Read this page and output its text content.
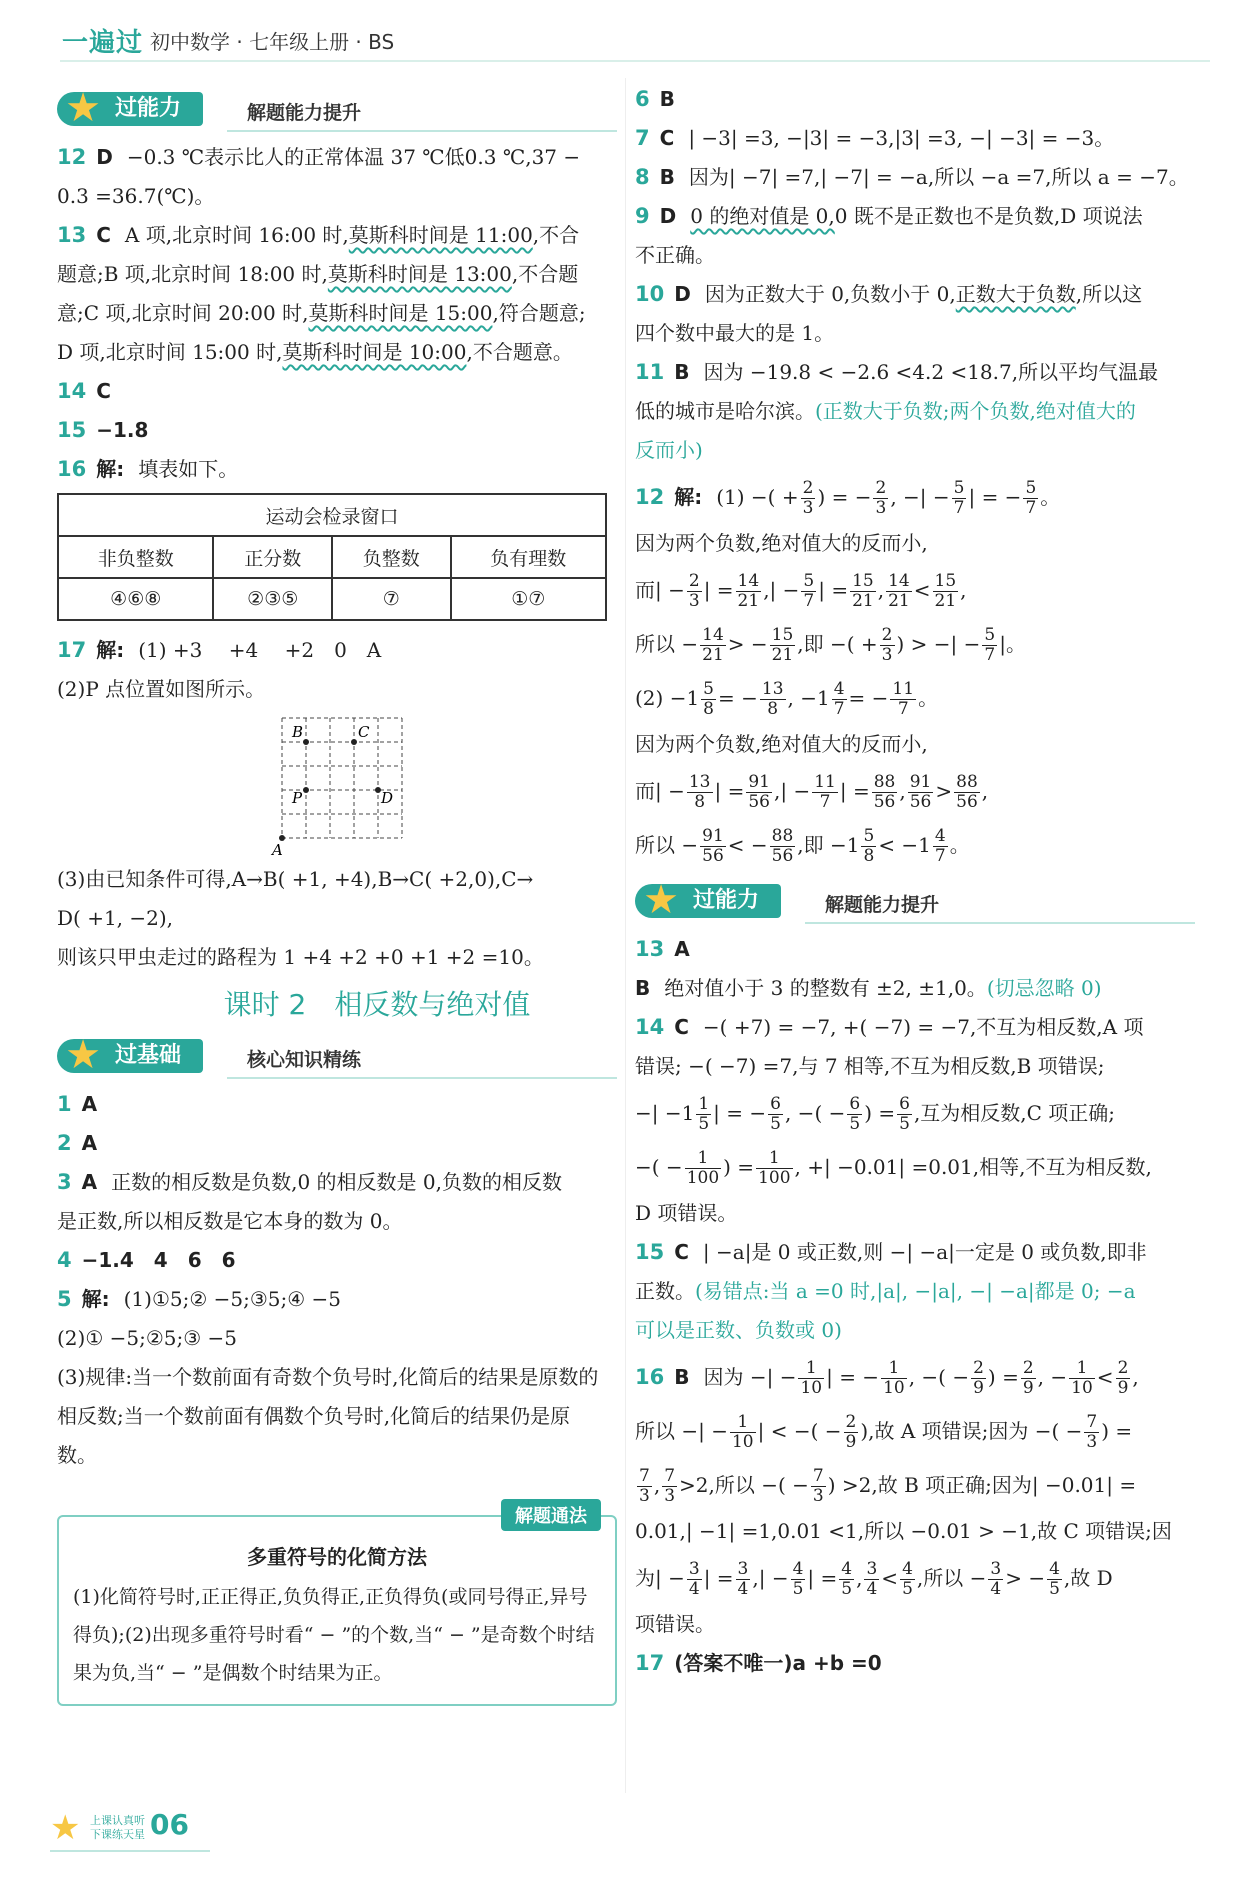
一遍过 初中数学 · 七年级上册 · BS
过能力
★	解题能力提升
12 D −0.3 ℃表示比人的正常体温 37 ℃低0.3 ℃,37 −
0.3 =36.7(℃)。
13 C A 项,北京时间 16:00 时,莫斯科时间是 11:00,不合
题意;B 项,北京时间 18:00 时,莫斯科时间是 13:00,不合题
意;C 项,北京时间 20:00 时,莫斯科时间是 15:00,符合题意;
D 项,北京时间 15:00 时,莫斯科时间是 10:00,不合题意。
14 C
15 −1.8
16 解: 填表如下。
运动会检录窗口			
非负整数	正分数	负整数	负有理数
④⑥⑧	②③⑤	⑦	①⑦
17 解: (1) +3　 +4　 +2　0　A
(2)P 点位置如图所示。
B	C
P	D
A
(3)由已知条件可得,A→B( +1, +4),B→C( +2,0),C→
D( +1, −2),
则该只甲虫走过的路程为 1 +4 +2 +0 +1 +2 =10。
课时 2　相反数与绝对值
过基础
★	核心知识精练
1 A
2 A
3 A 正数的相反数是负数,0 的相反数是 0,负数的相反数
是正数,所以相反数是它本身的数为 0。
4 −1.4　4　6　6
5 解: (1)①5;② −5;③5;④ −5
(2)① −5;②5;③ −5
(3)规律:当一个数前面有奇数个负号时,化简后的结果是原数的相反数;当一个数前面有偶数个负号时,化简后的结果仍是原数。
解题通法
多重符号的化简方法
(1)化简符号时,正正得正,负负得正,正负得负(或同号得正,异号得负);(2)出现多重符号时看“ − ”的个数,当“ − ”是奇数个时结果为负,当“ − ”是偶数个时结果为正。
6 B
7 C | −3| =3, −|3| = −3,|3| =3, −| −3| = −3。
8 B 因为| −7| =7,| −7| = −a,所以 −a =7,所以 a = −7。
9 D 0 的绝对值是 0,0 既不是正数也不是负数,D 项说法
不正确。
10 D 因为正数大于 0,负数小于 0,正数大于负数,所以这
四个数中最大的是 1。
11 B 因为 −19.8 < −2.6 <4.2 <18.7,所以平均气温最
低的城市是哈尔滨。(正数大于负数;两个负数,绝对值大的
反而小)
12 解: (1) −( + $\frac{2}{3}$ ) = − $\frac{2}{3}$ , −| − $\frac{5}{7}$ | = − $\frac{5}{7}$ 。
因为两个负数,绝对值大的反而小,
而| − $\frac{2}{3}$ | = $\frac{14}{21}$ ,| − $\frac{5}{7}$ | = $\frac{15}{21}$ , $\frac{14}{21} < \frac{15}{21}$ ,
所以 − $\frac{14}{21}$ > − $\frac{15}{21}$ ,即 −( + $\frac{2}{3}$ ) > −| − $\frac{5}{7}$ |。
$(2) -1 \frac{5}{8}$ = − $\frac{13}{8}$ , $-1 \frac{4}{7}$ = − $\frac{11}{7}$ 。
因为两个负数,绝对值大的反而小,
而| − $\frac{13}{8}$ | = $\frac{91}{56}$ ,| − $\frac{11}{7}$ | = $\frac{88}{56}$ , $\frac{91}{56} > \frac{88}{56}$ ,
所以 − $\frac{91}{56}$ < − $\frac{88}{56}$ ,即 $-1 \frac{5}{8} < -1 \frac{4}{7}$ 。
过能力
★	解题能力提升
13 A
B 绝对值小于 3 的整数有 ±2, ±1,0。(切忌忽略 0)
14 C −( +7) = −7, +( −7) = −7,不互为相反数,A 项
错误; −( −7) =7,与 7 相等,不互为相反数,B 项错误;
−| $-1 \frac{1}{5}$ | = − $\frac{6}{5}$ , −( − $\frac{6}{5}$ ) = $\frac{6}{5}$ ,互为相反数,C 项正确;
−( − $\frac{1}{100}$ ) = $\frac{1}{100}$ , +| −0.01| =0.01,相等,不互为相反数,
D 项错误。
15 C | −a|是 0 或正数,则 −| −a|一定是 0 或负数,即非
正数。(易错点:当 a =0 时,|a|, −|a|, −| −a|都是 0; −a
可以是正数、负数或 0)
16 B 因为 −| − $\frac{1}{10}$ | = − $\frac{1}{10}$ , −( − $\frac{2}{9}$ ) = $\frac{2}{9}$ , − $\frac{1}{10} < \frac{2}{9}$ ,
所以 −| − $\frac{1}{10}$ | < −( − $\frac{2}{9}$ ),故 A 项错误;因为 −( − $\frac{7}{3}$ ) =
$\frac{7}{3}$ , $\frac{7}{3} >2$,所以 −( − $\frac{7}{3}$ ) >2,故 B 项正确;因为| −0.01| =
0.01,| −1| =1,0.01 <1,所以 −0.01 > −1,故 C 项错误;因
为| − $\frac{3}{4}$ | = $\frac{3}{4}$ ,| − $\frac{4}{5}$ | = $\frac{4}{5}$ , $\frac{3}{4} < \frac{4}{5}$ ,所以 − $\frac{3}{4}$ > − $\frac{4}{5}$ ,故 D
项错误。
17 (答案不唯一)a +b =0
★ 上课认真听
下课练天星 06
